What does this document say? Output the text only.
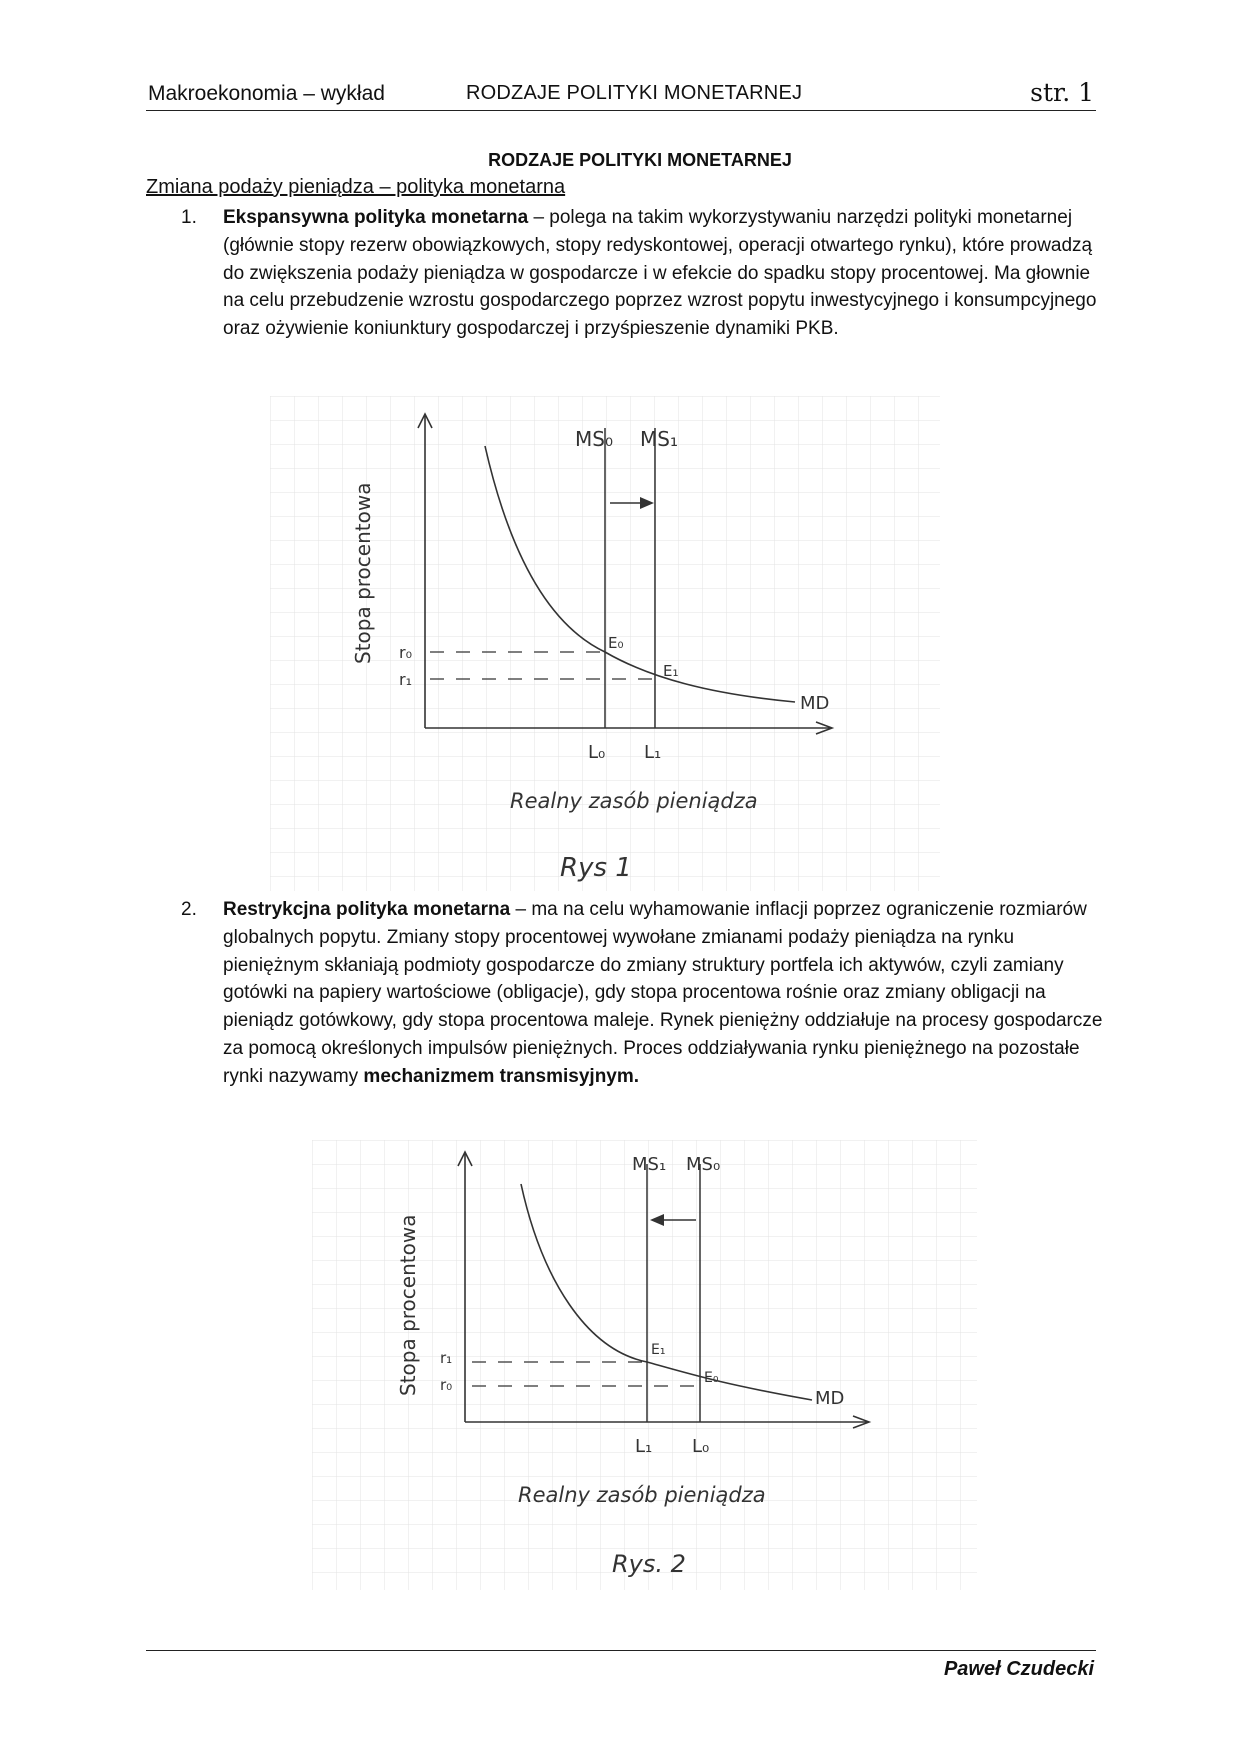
Makroekonomia – wykład	RODZAJE POLITYKI MONETARNEJ	str. 1
RODZAJE POLITYKI MONETARNEJ
Zmiana podaży pieniądza – polityka monetarna
1. Ekspansywna polityka monetarna – polega na takim wykorzystywaniu narzędzi polityki monetarnej (głównie stopy rezerw obowiązkowych, stopy redyskontowej, operacji otwartego rynku), które prowadzą do zwiększenia podaży pieniądza w gospodarcze i w efekcie do spadku stopy procentowej. Ma głownie na celu przebudzenie wzrostu gospodarczego poprzez wzrost popytu inwestycyjnego i konsumpcyjnego oraz ożywienie koniunktury gospodarczej i przyśpieszenie dynamiki PKB.

MS₀ MS₁
r₀
r₁
E₀
E₁
MD
L₀ L₁
Realny zasób pieniądza
Rys 1
Stopa procentowa
2. Restrykcjna polityka monetarna – ma na celu wyhamowanie inflacji poprzez ograniczenie rozmiarów globalnych popytu. Zmiany stopy procentowej wywołane zmianami podaży pieniądza na rynku pieniężnym skłaniają podmioty gospodarcze do zmiany struktury portfela ich aktywów, czyli zamiany gotówki na papiery wartościowe (obligacje), gdy stopa procentowa rośnie oraz zmiany obligacji na pieniądz gotówkowy, gdy stopa procentowa maleje. Rynek pieniężny oddziałuje na procesy gospodarcze za pomocą określonych impulsów pieniężnych. Proces oddziaływania rynku pieniężnego na pozostałe rynki nazywamy mechanizmem transmisyjnym.

MS₁ MS₀
r₁
r₀
E₁
E₀
MD
L₁ L₀
Realny zasób pieniądza
Rys. 2
Stopa procentowa
Paweł Czudecki
